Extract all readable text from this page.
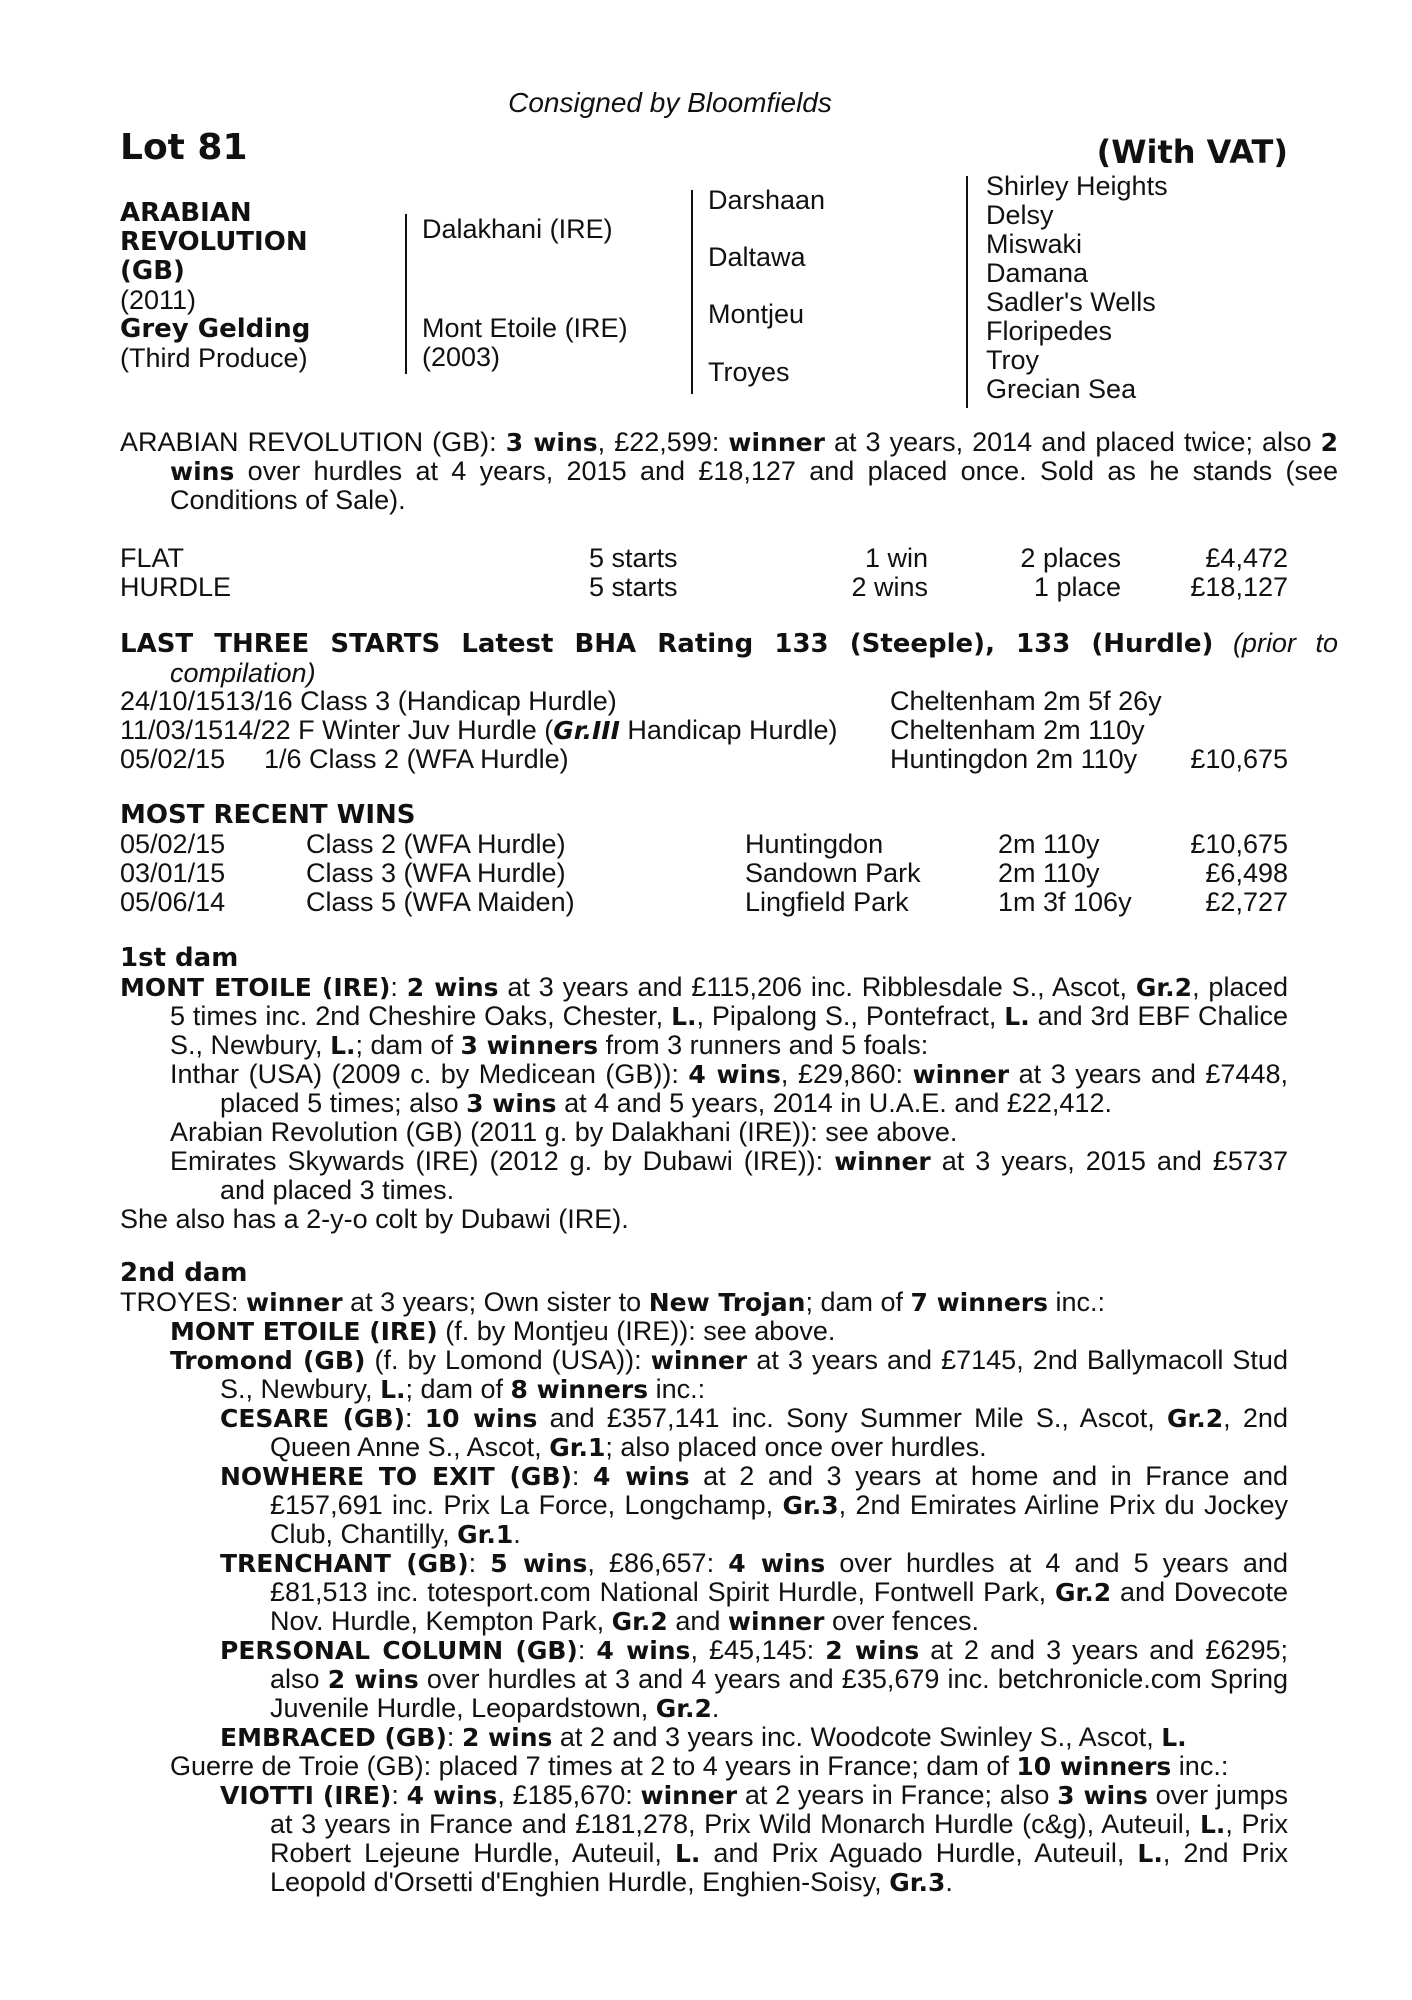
Consigned by Bloomfields
Lot 81	(With VAT)
ARABIAN
REVOLUTION
(GB)
(2011)
Grey Gelding
(Third Produce)
Dalakhani (IRE)
Mont Etoile (IRE)
(2003)
Darshaan
Daltawa
Montjeu
Troyes
Shirley Heights
Delsy
Miswaki
Damana
Sadler's Wells
Floripedes
Troy
Grecian Sea

ARABIAN REVOLUTION (GB): 3 wins, £22,599: winner at 3 years, 2014 and placed twice; also 2 wins over hurdles at 4 years, 2015 and £18,127 and placed once. Sold as he stands (see Conditions of Sale).

FLAT	5 starts	1 win	2 places	£4,472
HURDLE	5 starts	2 wins	1 place	£18,127

LAST THREE STARTS Latest BHA Rating 133 (Steeple), 133 (Hurdle) (prior to compilation)

24/10/1513/16 Class 3 (Handicap Hurdle)	Cheltenham 2m 5f 26y
11/03/1514/22 F Winter Juv Hurdle (Gr.III Handicap Hurdle) Cheltenham 2m 110y
05/02/15 1/6 Class 2 (WFA Hurdle)	Huntingdon 2m 110y £10,675
MOST RECENT WINS
05/02/15	Class 2 (WFA Hurdle)	Huntingdon	2m 110y	£10,675
03/01/15	Class 3 (WFA Hurdle)	Sandown Park	2m 110y	£6,498
05/06/14	Class 5 (WFA Maiden)	Lingfield Park	1m 3f 106y	£2,727
1st dam

MONT ETOILE (IRE): 2 wins at 3 years and £115,206 inc. Ribblesdale S., Ascot, Gr.2, placed 5 times inc. 2nd Cheshire Oaks, Chester, L., Pipalong S., Pontefract, L. and 3rd EBF Chalice S., Newbury, L.; dam of 3 winners from 3 runners and 5 foals:

Inthar (USA) (2009 c. by Medicean (GB)): 4 wins, £29,860: winner at 3 years and £7448, placed 5 times; also 3 wins at 4 and 5 years, 2014 in U.A.E. and £22,412.

Arabian Revolution (GB) (2011 g. by Dalakhani (IRE)): see above.

Emirates Skywards (IRE) (2012 g. by Dubawi (IRE)): winner at 3 years, 2015 and £5737 and placed 3 times.

She also has a 2-y-o colt by Dubawi (IRE).

2nd dam

TROYES: winner at 3 years; Own sister to New Trojan; dam of 7 winners inc.:

MONT ETOILE (IRE) (f. by Montjeu (IRE)): see above.

Tromond (GB) (f. by Lomond (USA)): winner at 3 years and £7145, 2nd Ballymacoll Stud S., Newbury, L.; dam of 8 winners inc.:

CESARE (GB): 10 wins and £357,141 inc. Sony Summer Mile S., Ascot, Gr.2, 2nd Queen Anne S., Ascot, Gr.1; also placed once over hurdles.

NOWHERE TO EXIT (GB): 4 wins at 2 and 3 years at home and in France and £157,691 inc. Prix La Force, Longchamp, Gr.3, 2nd Emirates Airline Prix du Jockey Club, Chantilly, Gr.1.

TRENCHANT (GB): 5 wins, £86,657: 4 wins over hurdles at 4 and 5 years and £81,513 inc. totesport.com National Spirit Hurdle, Fontwell Park, Gr.2 and Dovecote Nov. Hurdle, Kempton Park, Gr.2 and winner over fences.

PERSONAL COLUMN (GB): 4 wins, £45,145: 2 wins at 2 and 3 years and £6295; also 2 wins over hurdles at 3 and 4 years and £35,679 inc. betchronicle.com Spring Juvenile Hurdle, Leopardstown, Gr.2.

EMBRACED (GB): 2 wins at 2 and 3 years inc. Woodcote Swinley S., Ascot, L.

Guerre de Troie (GB): placed 7 times at 2 to 4 years in France; dam of 10 winners inc.:

VIOTTI (IRE): 4 wins, £185,670: winner at 2 years in France; also 3 wins over jumps at 3 years in France and £181,278, Prix Wild Monarch Hurdle (c&g), Auteuil, L., Prix Robert Lejeune Hurdle, Auteuil, L. and Prix Aguado Hurdle, Auteuil, L., 2nd Prix Leopold d'Orsetti d'Enghien Hurdle, Enghien-Soisy, Gr.3.
